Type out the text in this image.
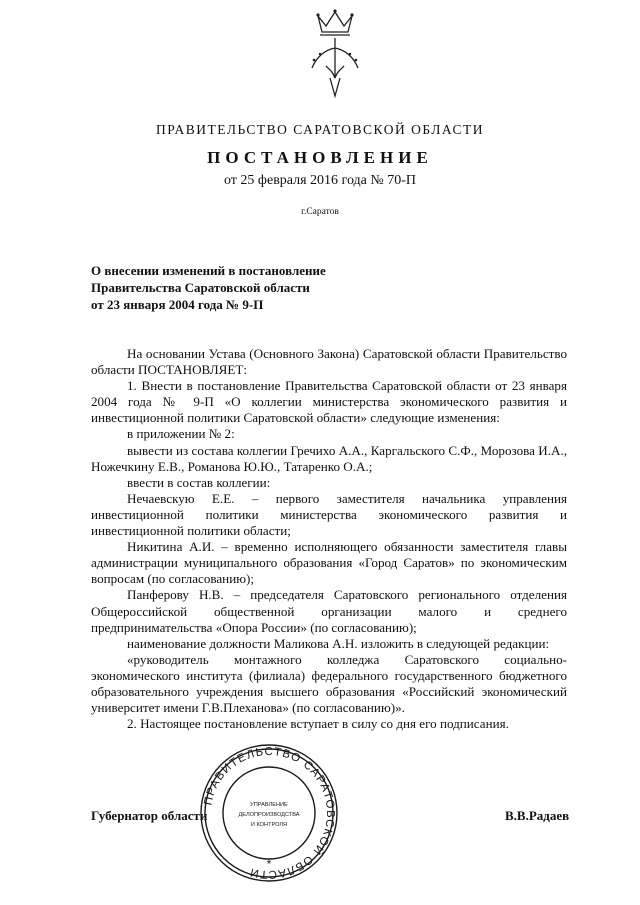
ПРАВИТЕЛЬСТВО САРАТОВСКОЙ ОБЛАСТИ
ПОСТАНОВЛЕНИЕ
от 25 февраля 2016 года № 70-П
г.Саратов
О внесении изменений в постановление
Правительства Саратовской области
от 23 января 2004 года № 9-П

На основании Устава (Основного Закона) Саратовской области Правительство области ПОСТАНОВЛЯЕТ:

1. Внести в постановление Правительства Саратовской области от 23 января 2004 года № 9-П «О коллегии министерства экономического развития и инвестиционной политики Саратовской области» следующие изменения:

в приложении № 2:

вывести из состава коллегии Гречихо А.А., Каргальского С.Ф., Морозова И.А., Ножечкину Е.В., Романова Ю.Ю., Татаренко О.А.;

ввести в состав коллегии:

Нечаевскую Е.Е. – первого заместителя начальника управления инвестиционной политики министерства экономического развития и инвестиционной политики области;

Никитина А.И. – временно исполняющего обязанности заместителя главы администрации муниципального образования «Город Саратов» по экономическим вопросам (по согласованию);

Панферову Н.В. – председателя Саратовского регионального отделения Общероссийской общественной организации малого и среднего предпринимательства «Опора России» (по согласованию);

наименование должности Маликова А.Н. изложить в следующей редакции:

«руководитель монтажного колледжа Саратовского социально-экономического института (филиала) федерального государственного бюджетного образовательного учреждения высшего образования «Российский экономический университет имени Г.В.Плеханова» (по согласованию)».

2. Настоящее постановление вступает в силу со дня его подписания.

ПРАВИТЕЛЬСТВО САРАТОВСКОЙ ОБЛАСТИ
УПРАВЛЕНИЕ
ДЕЛОПРОИЗВОДСТВА
И КОНТРОЛЯ
*
Губернатор области	В.В.Радаев
